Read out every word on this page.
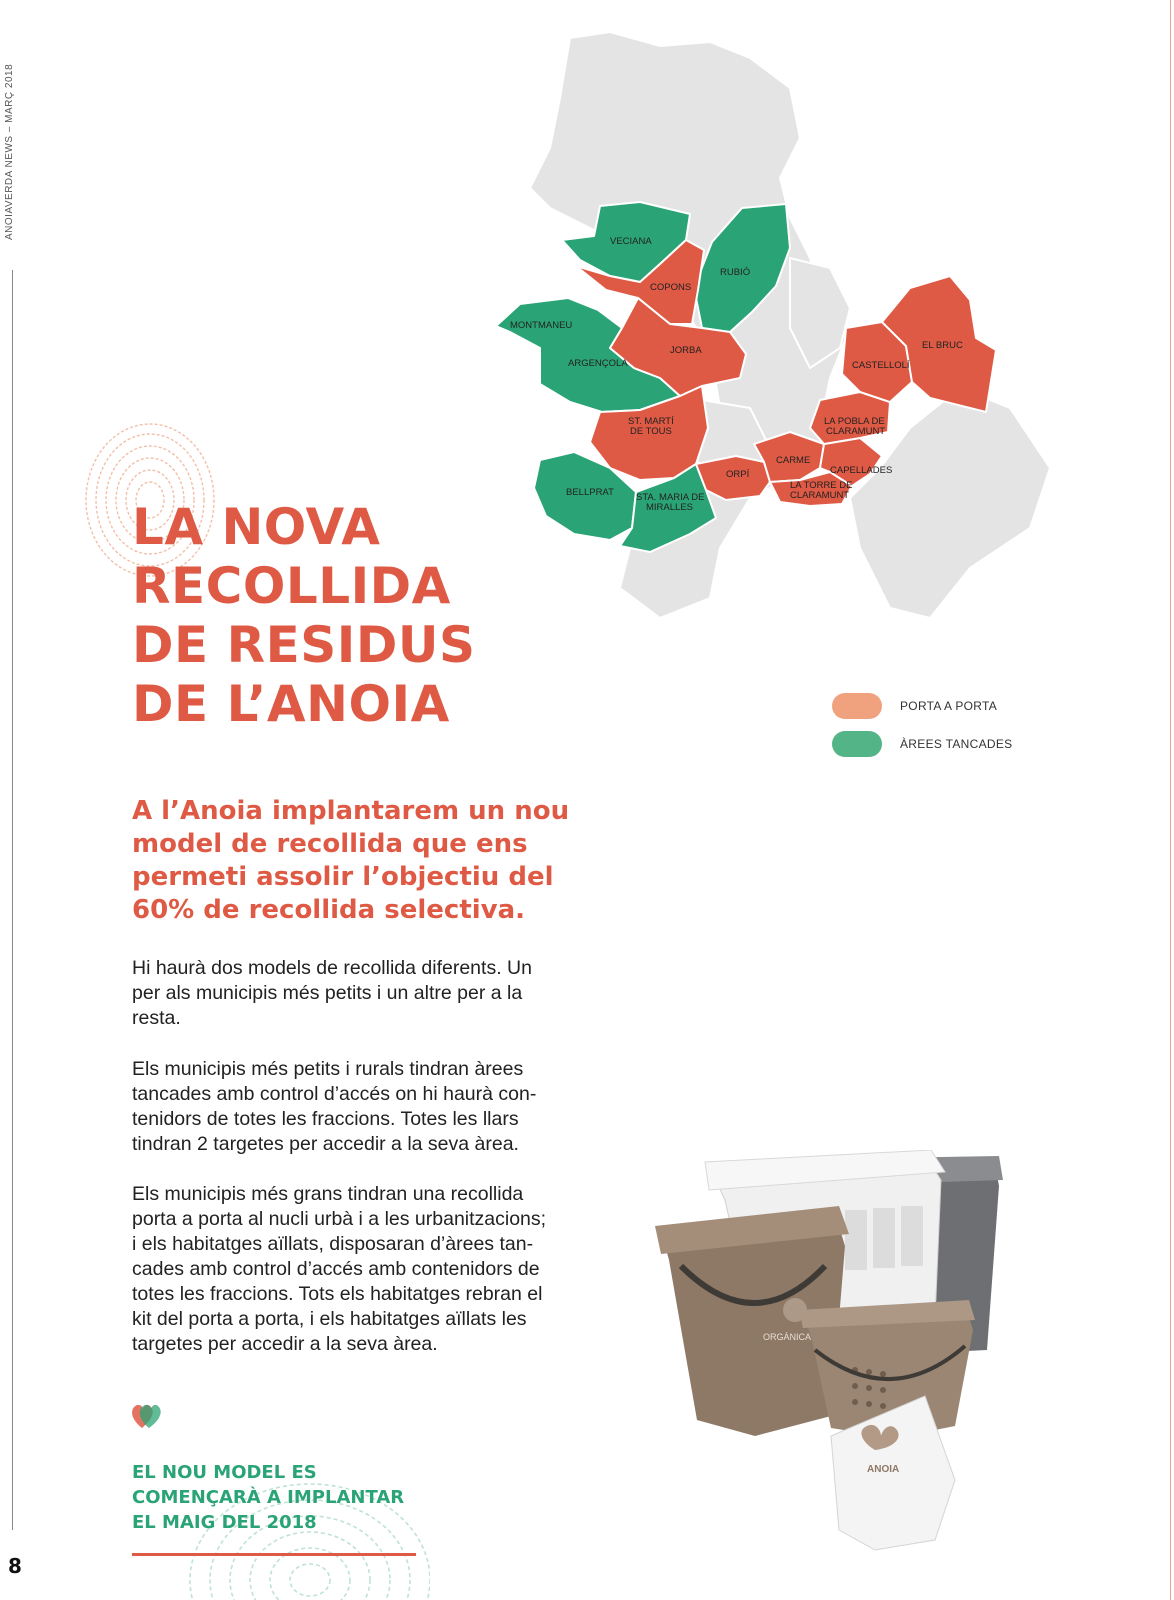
ANOIAVERDA NEWS – MARÇ 2018
8
LA NOVA
RECOLLIDA
DE RESIDUS
DE L’ANOIA

A l’Anoia implantarem un nou
model de recollida que ens
permeti assolir l’objectiu del
60% de recollida selectiva.

Hi haurà dos models de recollida diferents. Un
per als municipis més petits i un altre per a la
resta.

Els municipis més petits i rurals tindran àrees
tancades amb control d’accés on hi haurà con-
tenidors de totes les fraccions. Totes les llars
tindran 2 targetes per accedir a la seva àrea.

Els municipis més grans tindran una recollida
porta a porta al nucli urbà i a les urbanitzacions;
i els habitatges aïllats, disposaran d’àrees tan-
cades amb control d’accés amb contenidors de
totes les fraccions. Tots els habitatges rebran el
kit del porta a porta, i els habitatges aïllats les
targetes per accedir a la seva àrea.

EL NOU MODEL ES
COMENÇARÀ A IMPLANTAR
EL MAIG DEL 2018

VECIANA
RUBIÓ
COPONS
MONTMANEU
JORBA
ARGENÇOLA	CASTELLOLÍ
EL BRUC
ST. MARTÍ
DE TOUS
LA POBLA DE
CLARAMUNT
CARME
CAPELLADES
ORPÍ
LA TORRE DE
CLARAMUNT
BELLPRAT STA. MARIA DE
MIRALLES
PORTA A PORTA
ÀREES TANCADES
ORGÀNICA
ANOIA
